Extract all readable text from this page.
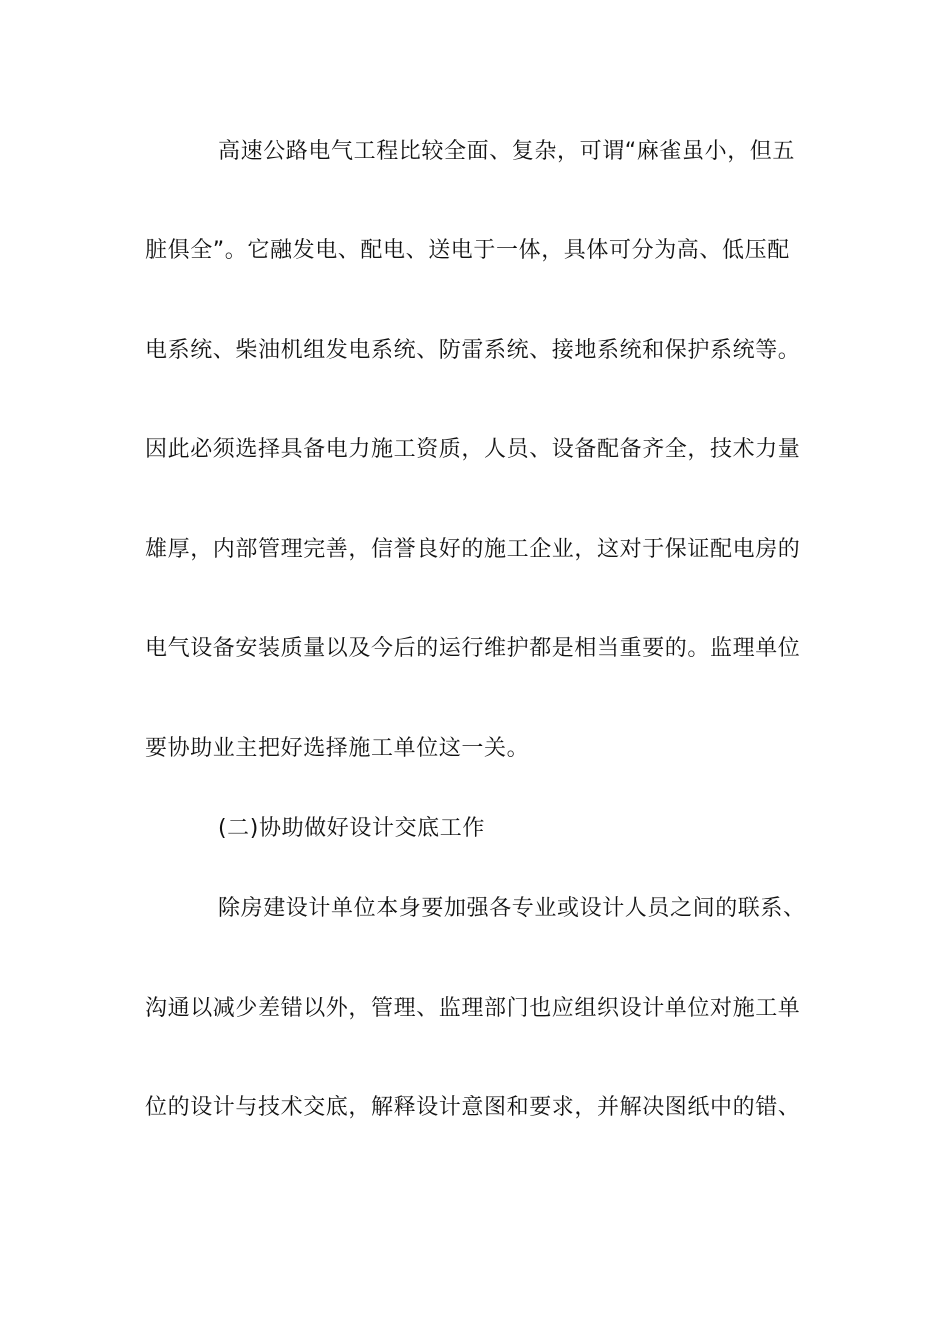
高速公路电气工程比较全面、复杂，可谓“麻雀虽小，但五
脏俱全”。它融发电、配电、送电于一体，具体可分为高、低压配
电系统、柴油机组发电系统、防雷系统、接地系统和保护系统等。
因此必须选择具备电力施工资质，人员、设备配备齐全，技术力量
雄厚，内部管理完善，信誉良好的施工企业，这对于保证配电房的
电气设备安装质量以及今后的运行维护都是相当重要的。监理单位
要协助业主把好选择施工单位这一关。
(二)协助做好设计交底工作
除房建设计单位本身要加强各专业或设计人员之间的联系、
沟通以减少差错以外，管理、监理部门也应组织设计单位对施工单
位的设计与技术交底，解释设计意图和要求，并解决图纸中的错、
